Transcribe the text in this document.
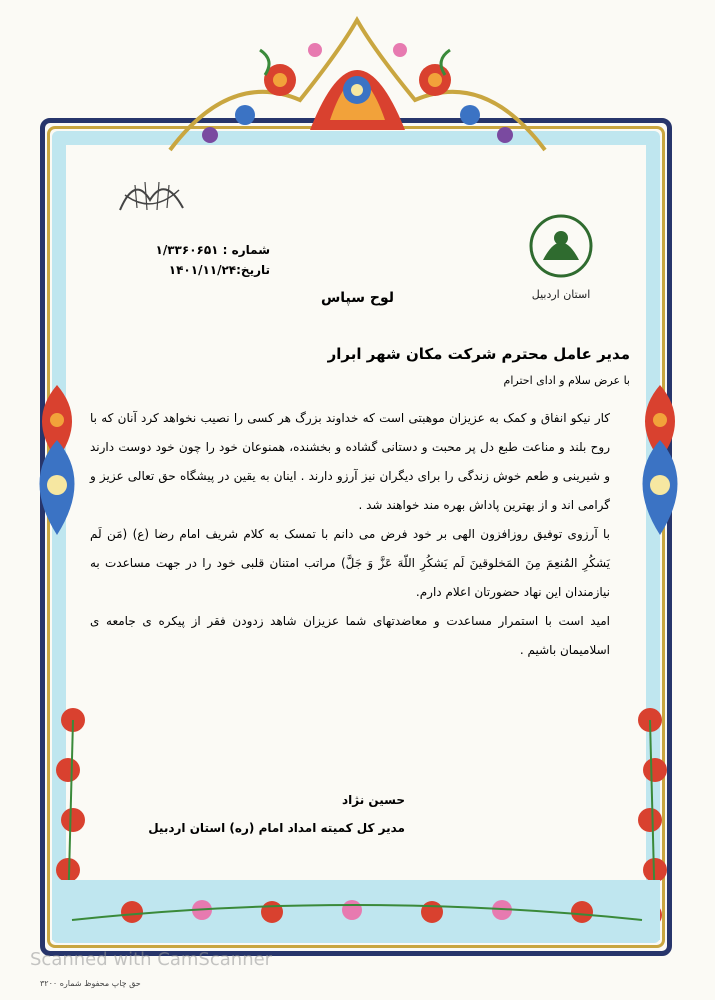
استان اردبیل
شماره : ۱/۳۳۶۰۶۵۱
تاریخ:۱۴۰۱/۱۱/۲۴
لوح سپاس
مدیر عامل محترم شرکت مکان شهر ابرار
با عرض سلام و ادای احترام

کار نیکو انفاق و کمک به عزیزان موهبتی است که خداوند بزرگ هر کسی را نصیب نخواهد کرد آنان که با روح بلند و مناعت طبع دل پر محبت و دستانی گشاده و بخشنده، همنوعان خود را چون خود دوست دارند و شیرینی و طعم خوش زندگی را برای دیگران نیز آرزو دارند . اینان به یقین در پیشگاه حق تعالی عزیز و گرامی اند و از بهترین پاداش بهره مند خواهند شد .

با آرزوی توفیق روزافزون الهی بر خود فرض می دانم با تمسک به کلام شریف امام رضا (ع) (مَن لَم یَشکُرِ المُنعِمَ مِنَ المَخلوقینَ لَم یَشکُرِ اللّهَ عَزَّ وَ جَلَّ) مراتب امتنان قلبی خود را در جهت مساعدت به نیازمندان این نهاد حضورتان اعلام دارم.

امید است با استمرار مساعدت و معاضدتهای شما عزیزان شاهد زدودن فقر از پیکره ی جامعه ی اسلامیمان باشیم .

حسین نژاد
مدیر کل کمیته امداد امام (ره) استان اردبیل
Scanned with CamScanner
حق چاپ محفوظ شماره ۳۲۰۰
